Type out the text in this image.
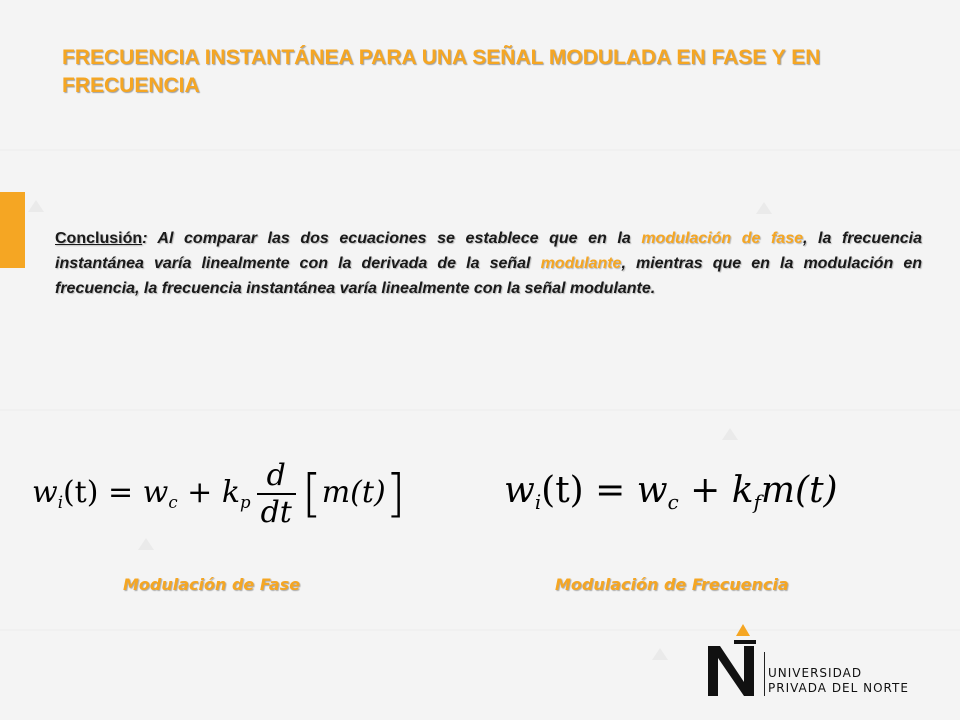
FRECUENCIA INSTANTÁNEA PARA UNA SEÑAL MODULADA EN FASE Y EN FRECUENCIA

Conclusión: Al comparar las dos ecuaciones se establece que en la modulación de fase, la frecuencia instantánea varía linealmente con la derivada de la señal modulante, mientras que en la modulación en frecuencia, la frecuencia instantánea varía linealmente con la señal modulante.

wi(t) = wc + kp $\frac{d}{dt} [m(t)]$	wi(t) = wc + kfm(t)
Modulación de Fase	Modulación de Frecuencia
UNIVERSIDAD
PRIVADA DEL NORTE
